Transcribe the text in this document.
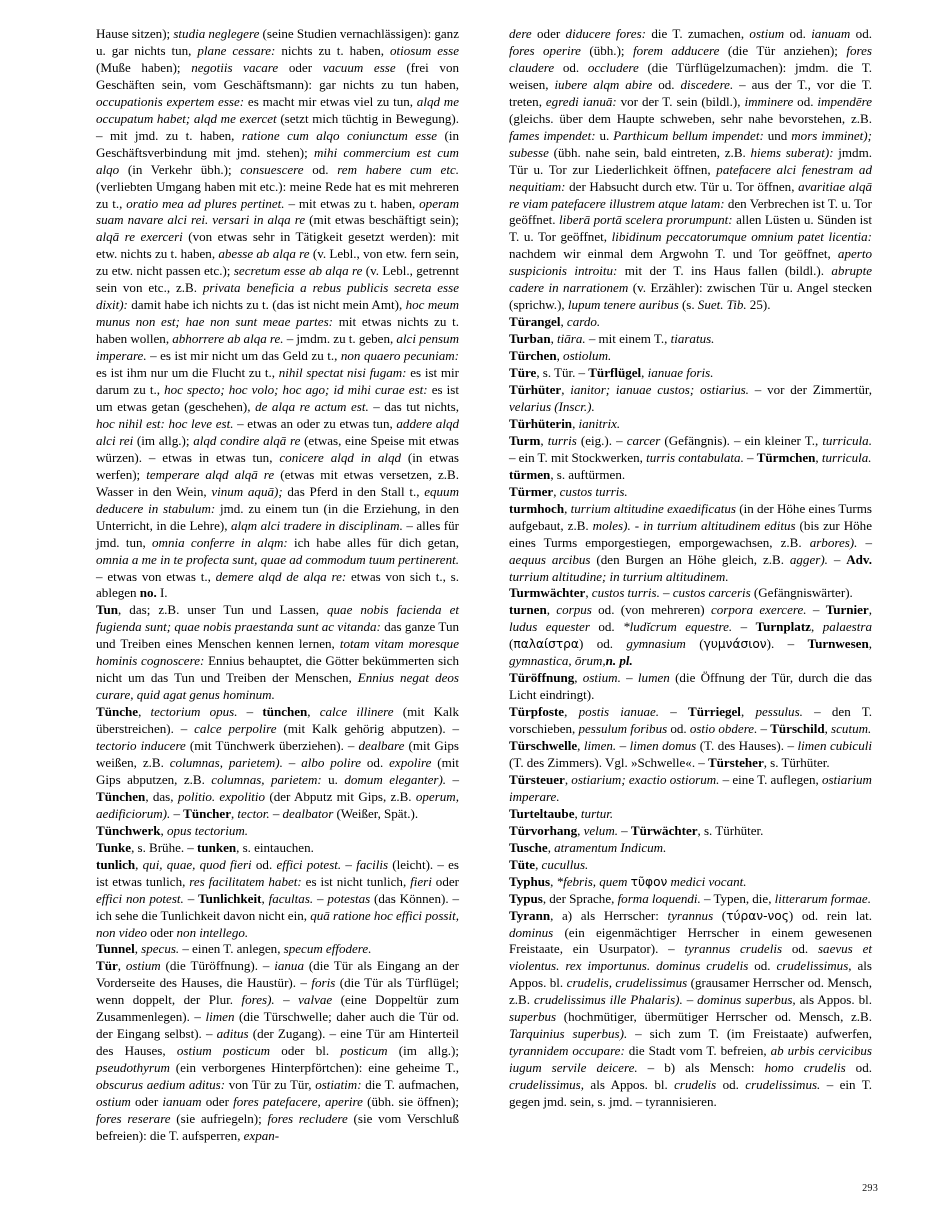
Hause sitzen); studia neglegere (seine Studien vernachlässigen): ganz u. gar nichts tun, plane cessare: nichts zu t. haben, otiosum esse (Muße haben); negotiis vacare oder vacuum esse (frei von Geschäften sein, vom Geschäftsmann): gar nichts zu tun haben, occupationis expertem esse: es macht mir etwas viel zu tun, alqd me occupatum habet; alqd me exercet (setzt mich tüchtig in Bewegung). – mit jmd. zu t. haben, ratione cum alqo coniunctum esse (in Geschäftsverbindung mit jmd. stehen); mihi commercium est cum alqo (in Verkehr übh.); consuescere od. rem habere cum etc. (verliebten Umgang haben mit etc.): meine Rede hat es mit mehreren zu t., oratio mea ad plures pertinet. – mit etwas zu t. haben, operam suam navare alci rei. versari in alqa re (mit etwas beschäftigt sein); alqā re exerceri (von etwas sehr in Tätigkeit gesetzt werden): mit etw. nichts zu t. haben, abesse ab alqa re (v. Lebl., von etw. fern sein, zu etw. nicht passen etc.); secretum esse ab alqa re (v. Lebl., getrennt sein von etc., z.B. privata beneficia a rebus publicis secreta esse dixit): damit habe ich nichts zu t. (das ist nicht mein Amt), hoc meum munus non est; hae non sunt meae partes: mit etwas nichts zu t. haben wollen, abhorrere ab alqa re. – jmdm. zu t. geben, alci pensum imperare. – es ist mir nicht um das Geld zu t., non quaero pecuniam: es ist ihm nur um die Flucht zu t., nihil spectat nisi fugam: es ist mir darum zu t., hoc specto; hoc volo; hoc ago; id mihi curae est: es ist um etwas getan (geschehen), de alqa re actum est. – das tut nichts, hoc nihil est: hoc leve est. – etwas an oder zu etwas tun, addere alqd alci rei (im allg.); alqd condire alqā re (etwas, eine Speise mit etwas würzen). – etwas in etwas tun, conicere alqd in alqd (in etwas werfen); temperare alqd alqā re (etwas mit etwas versetzen, z.B. Wasser in den Wein, vinum aquā); das Pferd in den Stall t., equum deducere in stabulum: jmd. zu einem tun (in die Erziehung, in den Unterricht, in die Lehre), alqm alci tradere in disciplinam. – alles für jmd. tun, omnia conferre in alqm: ich habe alles für dich getan, omnia a me in te profecta sunt, quae ad commodum tuum pertinerent. – etwas von etwas t., demere alqd de alqa re: etwas von sich t., s. ablegen no. I.

Tun, das; z.B. unser Tun und Lassen, quae nobis facienda et fugienda sunt; quae nobis praestanda sunt ac vitanda: das ganze Tun und Treiben eines Menschen kennen lernen, totam vitam moresque hominis cognoscere: Ennius behauptet, die Götter bekümmerten sich nicht um das Tun und Treiben der Menschen, Ennius negat deos curare, quid agat genus hominum.

Tünche, tectorium opus. – tünchen, calce illinere (mit Kalk überstreichen). – calce perpolire (mit Kalk gehörig abputzen). – tectorio inducere (mit Tünchwerk überziehen). – dealbare (mit Gips weißen, z.B. columnas, parietem). – albo polire od. expolire (mit Gips abputzen, z.B. columnas, parietem: u. domum eleganter). – Tünchen, das, politio. expolitio (der Abputz mit Gips, z.B. operum, aedificiorum). – Tüncher, tector. – dealbator (Weißer, Spät.).

Tünchwerk, opus tectorium.

Tunke, s. Brühe. – tunken, s. eintauchen.

tunlich, qui, quae, quod fieri od. effici potest. – facilis (leicht). – es ist etwas tunlich, res facilitatem habet: es ist nicht tunlich, fieri oder effici non potest. – Tunlichkeit, facultas. – potestas (das Können). – ich sehe die Tunlichkeit davon nicht ein, quā ratione hoc effici possit, non video oder non intellego.

Tunnel, specus. – einen T. anlegen, specum effodere.

Tür, ostium (die Türöffnung). – ianua (die Tür als Eingang an der Vorderseite des Hauses, die Haustür). – foris (die Tür als Türflügel; wenn doppelt, der Plur. fores). – valvae (eine Doppeltür zum Zusammenlegen). – limen (die Türschwelle; daher auch die Tür od. der Eingang selbst). – aditus (der Zugang). – eine Tür am Hinterteil des Hauses, ostium posticum oder bl. posticum (im allg.); pseudothyrum (ein verborgenes Hinterpförtchen): eine geheime T., obscurus aedium aditus: von Tür zu Tür, ostiatim: die T. aufmachen, ostium oder ianuam oder fores patefacere, aperire (übh. sie öffnen); fores reserare (sie aufriegeln); fores recludere (sie vom Verschluß befreien): die T. aufsperren, expan-

dere oder diducere fores: die T. zumachen, ostium od. ianuam od. fores operire (übh.); forem adducere (die Tür anziehen); fores claudere od. occludere (die Türflügelzumachen): jmdm. die T. weisen, iubere alqm abire od. discedere. – aus der T., vor die T. treten, egredi ianuā: vor der T. sein (bildl.), imminere od. impendēre (gleichs. über dem Haupte schweben, sehr nahe bevorstehen, z.B. fames impendet: u. Parthicum bellum impendet: und mors imminet); subesse (übh. nahe sein, bald eintreten, z.B. hiems suberat): jmdm. Tür u. Tor zur Liederlichkeit öffnen, patefacere alci fenestram ad nequitiam: der Habsucht durch etw. Tür u. Tor öffnen, avaritiae alqā re viam patefacere illustrem atque latam: den Verbrechen ist T. u. Tor geöffnet. liberā portā scelera prorumpunt: allen Lüsten u. Sünden ist T. u. Tor geöffnet, libidinum peccatorumque omnium patet licentia: nachdem wir einmal dem Argwohn T. und Tor geöffnet, aperto suspicionis introitu: mit der T. ins Haus fallen (bildl.). abrupte cadere in narrationem (v. Erzähler): zwischen Tür u. Angel stecken (sprichw.), lupum tenere auribus (s. Suet. Tib. 25).

Türangel, cardo.

Turban, tiāra. – mit einem T., tiaratus.

Türchen, ostiolum.

Türe, s. Tür. – Türflügel, ianuae foris.

Türhüter, ianitor; ianuae custos; ostiarius. – vor der Zimmertür, velarius (Inscr.).

Türhüterin, ianitrix.

Turm, turris (eig.). – carcer (Gefängnis). – ein kleiner T., turricula. – ein T. mit Stockwerken, turris contabulata. – Türmchen, turricula.

türmen, s. auftürmen.

Türmer, custos turris.

turmhoch, turrium altitudine exaedificatus (in der Höhe eines Turms aufgebaut, z.B. moles). - in turrium altitudinem editus (bis zur Höhe eines Turms emporgestiegen, emporgewachsen, z.B. arbores). – aequus arcibus (den Burgen an Höhe gleich, z.B. agger). – Adv. turrium altitudine; in turrium altitudinem.

Turmwächter, custos turris. – custos carceris (Gefängniswärter).

turnen, corpus od. (von mehreren) corpora exercere. – Turnier, ludus equester od. *ludĭcrum equestre. – Turnplatz, palaestra (παλαίστρα) od. gymnasium (γυμνάσιον). – Turnwesen, gymnastica, ōrum,n. pl.

Türöffnung, ostium. – lumen (die Öffnung der Tür, durch die das Licht eindringt).

Türpfoste, postis ianuae. – Türriegel, pessulus. – den T. vorschieben, pessulum foribus od. ostio obdere. – Türschild, scutum.

Türschwelle, limen. – limen domus (T. des Hauses). – limen cubiculi (T. des Zimmers). Vgl. »Schwelle«. – Türsteher, s. Türhüter.

Türsteuer, ostiarium; exactio ostiorum. – eine T. auflegen, ostiarium imperare.

Turteltaube, turtur.

Türvorhang, velum. – Türwächter, s. Türhüter.

Tusche, atramentum Indicum.

Tüte, cucullus.

Typhus, *febris, quem τῦφον medici vocant.

Typus, der Sprache, forma loquendi. – Typen, die, litterarum formae.

Tyrann, a) als Herrscher: tyrannus (τύραν-νος) od. rein lat. dominus (ein eigenmächtiger Herrscher in einem gewesenen Freistaate, ein Usurpator). – tyrannus crudelis od. saevus et violentus. rex importunus. dominus crudelis od. crudelissimus, als Appos. bl. crudelis, crudelissimus (grausamer Herrscher od. Mensch, z.B. crudelissimus ille Phalaris). – dominus superbus, als Appos. bl. superbus (hochmütiger, übermütiger Herrscher od. Mensch, z.B. Tarquinius superbus). – sich zum T. (im Freistaate) aufwerfen, tyrannidem occupare: die Stadt vom T. befreien, ab urbis cervicibus iugum servile deicere. – b) als Mensch: homo crudelis od. crudelissimus, als Appos. bl. crudelis od. crudelissimus. – ein T. gegen jmd. sein, s. jmd. – tyrannisieren.

293
